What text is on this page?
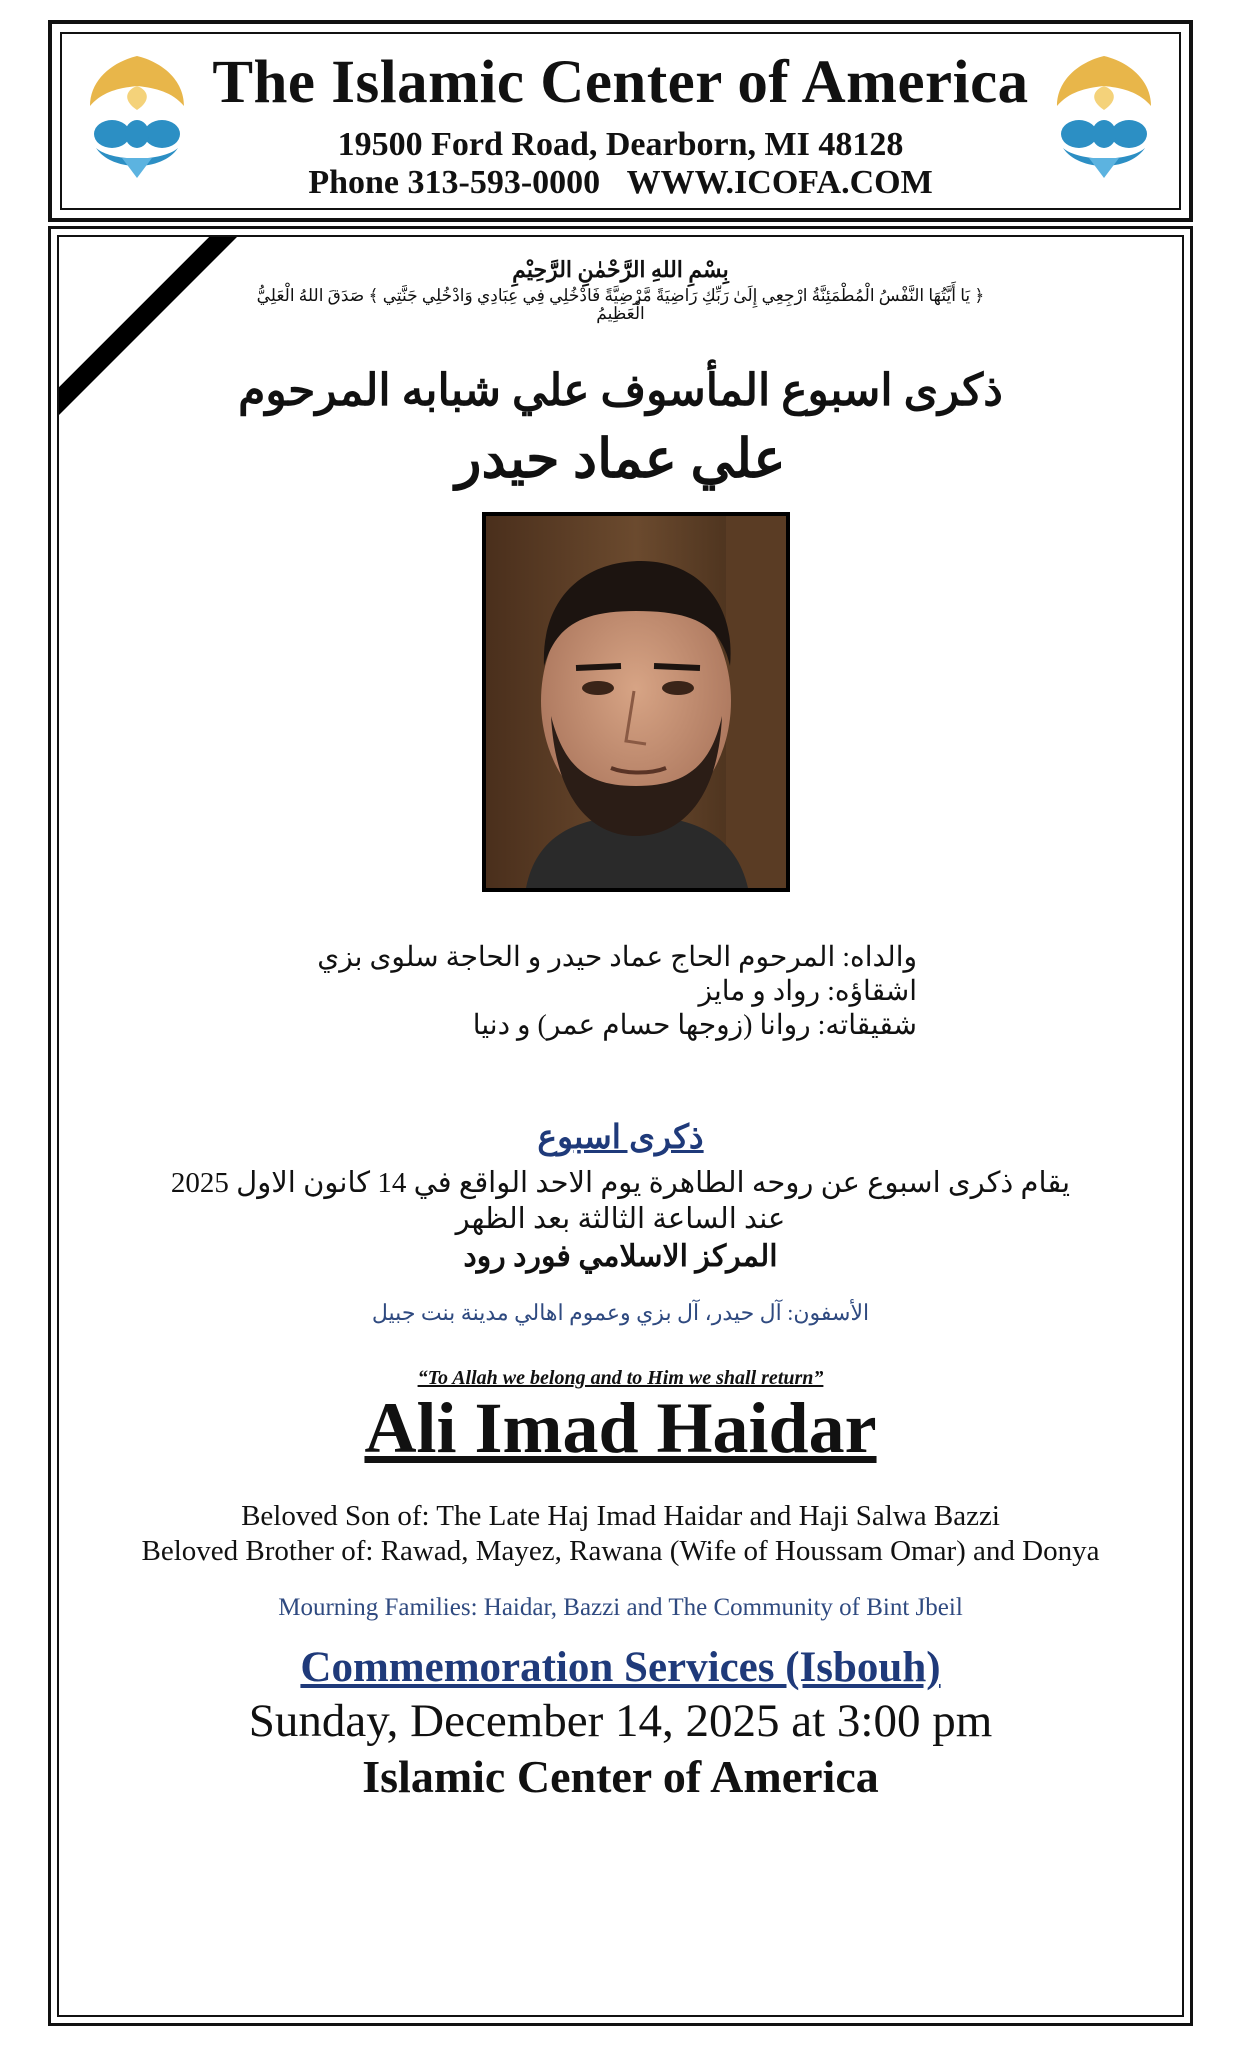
The Islamic Center of America
19500 Ford Road, Dearborn, MI 48128
Phone 313-593-0000 WWW.ICOFA.COM
بِسْمِ اللهِ الرَّحْمٰنِ الرَّحِيْمِ
﴿ يَا أَيَّتُهَا النَّفْسُ الْمُطْمَئِنَّةُ ارْجِعِي إِلَىٰ رَبِّكِ رَاضِيَةً مَّرْضِيَّةً فَادْخُلِي فِي عِبَادِي وَادْخُلِي جَنَّتِي ﴾ صَدَقَ اللهُ الْعَلِيُّ الْعَظِيمُ
ذكرى اسبوع المأسوف علي شبابه المرحوم
علي عماد حيدر
والداه: المرحوم الحاج عماد حيدر و الحاجة سلوى بزي
اشقاؤه: رواد و مايز
شقيقاته: روانا (زوجها حسام عمر) و دنيا
ذكرى اسبوع
يقام ذكرى اسبوع عن روحه الطاهرة يوم الاحد الواقع في 14 كانون الاول 2025
عند الساعة الثالثة بعد الظهر
المركز الاسلامي فورد رود
الأسفون: آل حيدر، آل بزي وعموم اهالي مدينة بنت جبيل
“To Allah we belong and to Him we shall return”
Ali Imad Haidar
Beloved Son of: The Late Haj Imad Haidar and Haji Salwa Bazzi
Beloved Brother of: Rawad, Mayez, Rawana (Wife of Houssam Omar) and Donya
Mourning Families: Haidar, Bazzi and The Community of Bint Jbeil
Commemoration Services (Isbouh)
Sunday, December 14, 2025 at 3:00 pm
Islamic Center of America
